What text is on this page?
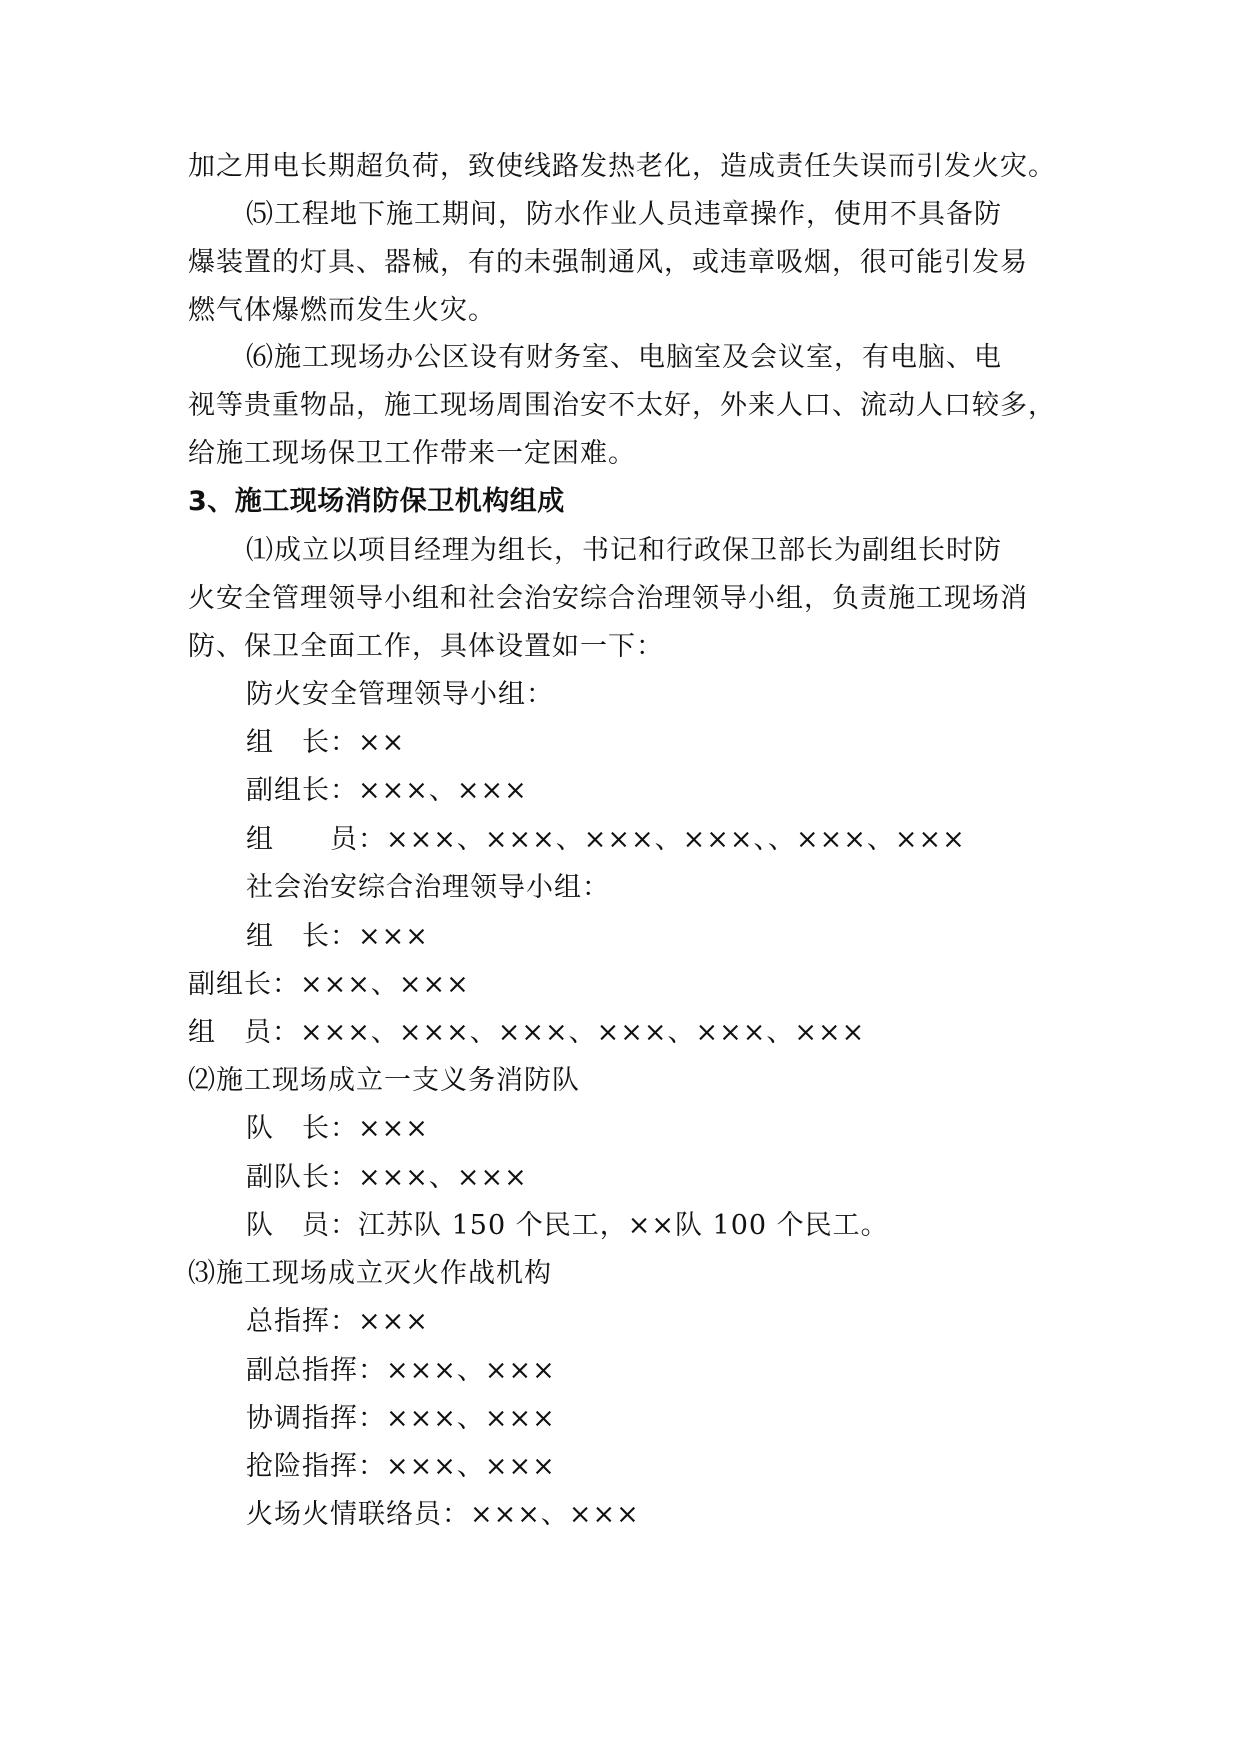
加之用电长期超负荷，致使线路发热老化，造成责任失误而引发火灾。
⑸工程地下施工期间，防水作业人员违章操作，使用不具备防
爆装置的灯具、器械，有的未强制通风，或违章吸烟，很可能引发易
燃气体爆燃而发生火灾。
⑹施工现场办公区设有财务室、电脑室及会议室，有电脑、电
视等贵重物品，施工现场周围治安不太好，外来人口、流动人口较多，
给施工现场保卫工作带来一定困难。
3、施工现场消防保卫机构组成
⑴成立以项目经理为组长，书记和行政保卫部长为副组长时防
火安全管理领导小组和社会治安综合治理领导小组，负责施工现场消
防、保卫全面工作，具体设置如一下：
防火安全管理领导小组：
组　长：××
副组长：×××、×××
组　　员：×××、×××、×××、×××、、×××、×××
社会治安综合治理领导小组：
组　长：×××
副组长：×××、×××
组　员：×××、×××、×××、×××、×××、×××
⑵施工现场成立一支义务消防队
队　长：×××
副队长：×××、×××
队　员：江苏队 150 个民工，××队 100 个民工。
⑶施工现场成立灭火作战机构
总指挥：×××
副总指挥：×××、×××
协调指挥：×××、×××
抢险指挥：×××、×××
火场火情联络员：×××、×××
